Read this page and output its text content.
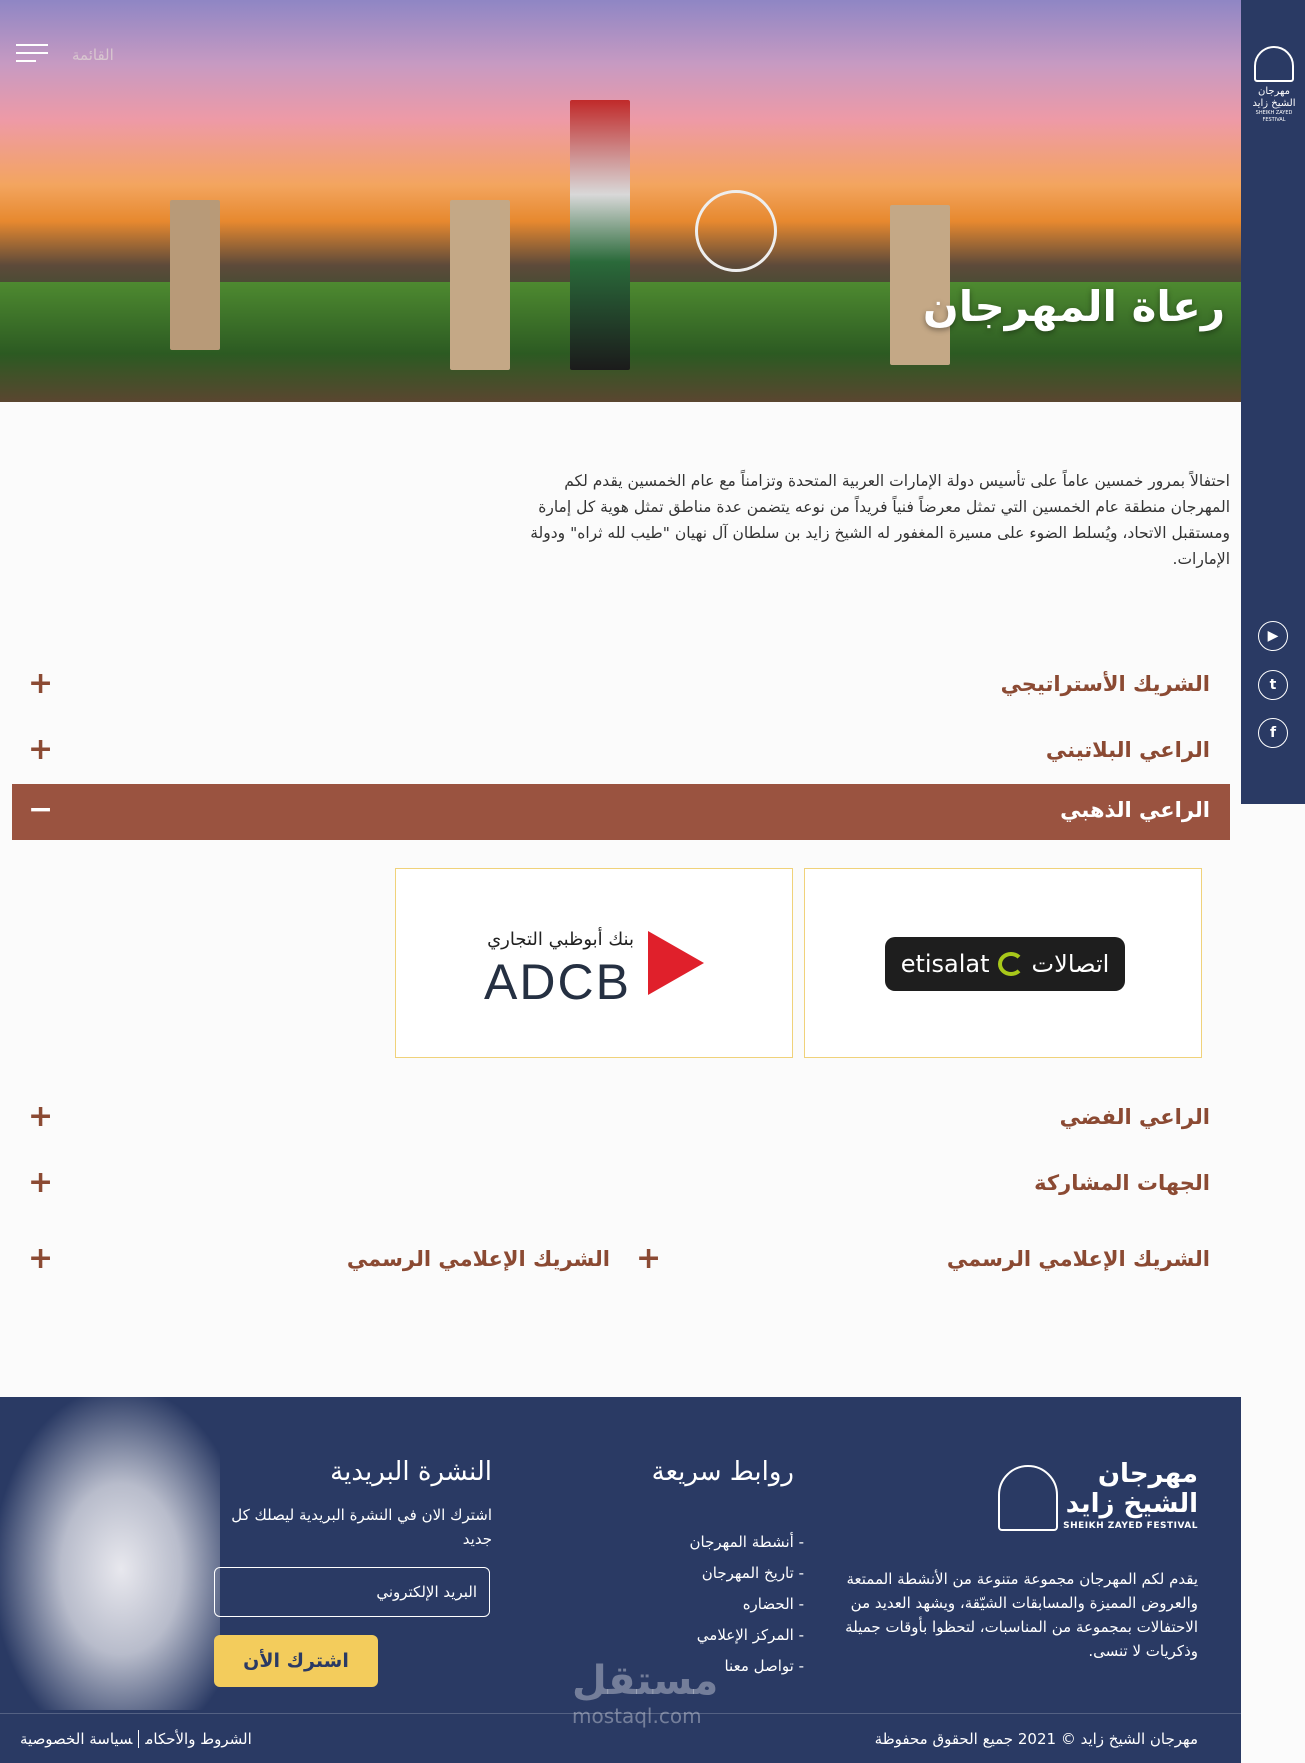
القائمة
رعاة المهرجان
مهرجان الشيخ زايد
SHEIKH ZAYED FESTIVAL
▶
t
f
احتفالاً بمرور خمسين عاماً على تأسيس دولة الإمارات العربية المتحدة وتزامناً مع عام الخمسين يقدم لكم المهرجان منطقة عام الخمسين التي تمثل معرضاً فنياً فريداً من نوعه يتضمن عدة مناطق تمثل هوية كل إمارة ومستقبل الاتحاد، ويُسلط الضوء على مسيرة المغفور له الشيخ زايد بن سلطان آل نهيان "طيب لله ثراه" ودولة الإمارات.
الشريك الأستراتيجي
+
الراعي البلاتيني
+
الراعي الذهبي
−
etisalat اتصالات
بنك أبوظبي التجاري
ADCB
الراعي الفضي
+
الجهات المشاركة
+
الشريك الإعلامي الرسمي
+
الشريك الإعلامي الرسمي
+
مهرجان
الشيخ زايد
SHEIKH ZAYED FESTIVAL
يقدم لكم المهرجان مجموعة متنوعة من الأنشطة الممتعة والعروض المميزة والمسابقات الشيّقة، ويشهد العديد من الاحتفالات بمجموعة من المناسبات، لتحظوا بأوقات جميلة وذكريات لا تنسى.
روابط سريعة
- أنشطة المهرجان
- تاريخ المهرجان
- الحضاره
- المركز الإعلامي
- تواصل معنا
النشرة البريدية
اشترك الان في النشرة البريدية ليصلك كل جديد
البريد الإلكتروني
اشترك الأن
مهرجان الشيخ زايد © 2021 جميع الحقوق محفوظة
الشروط والأحكامسياسة الخصوصية
مستقل
mostaql.com
